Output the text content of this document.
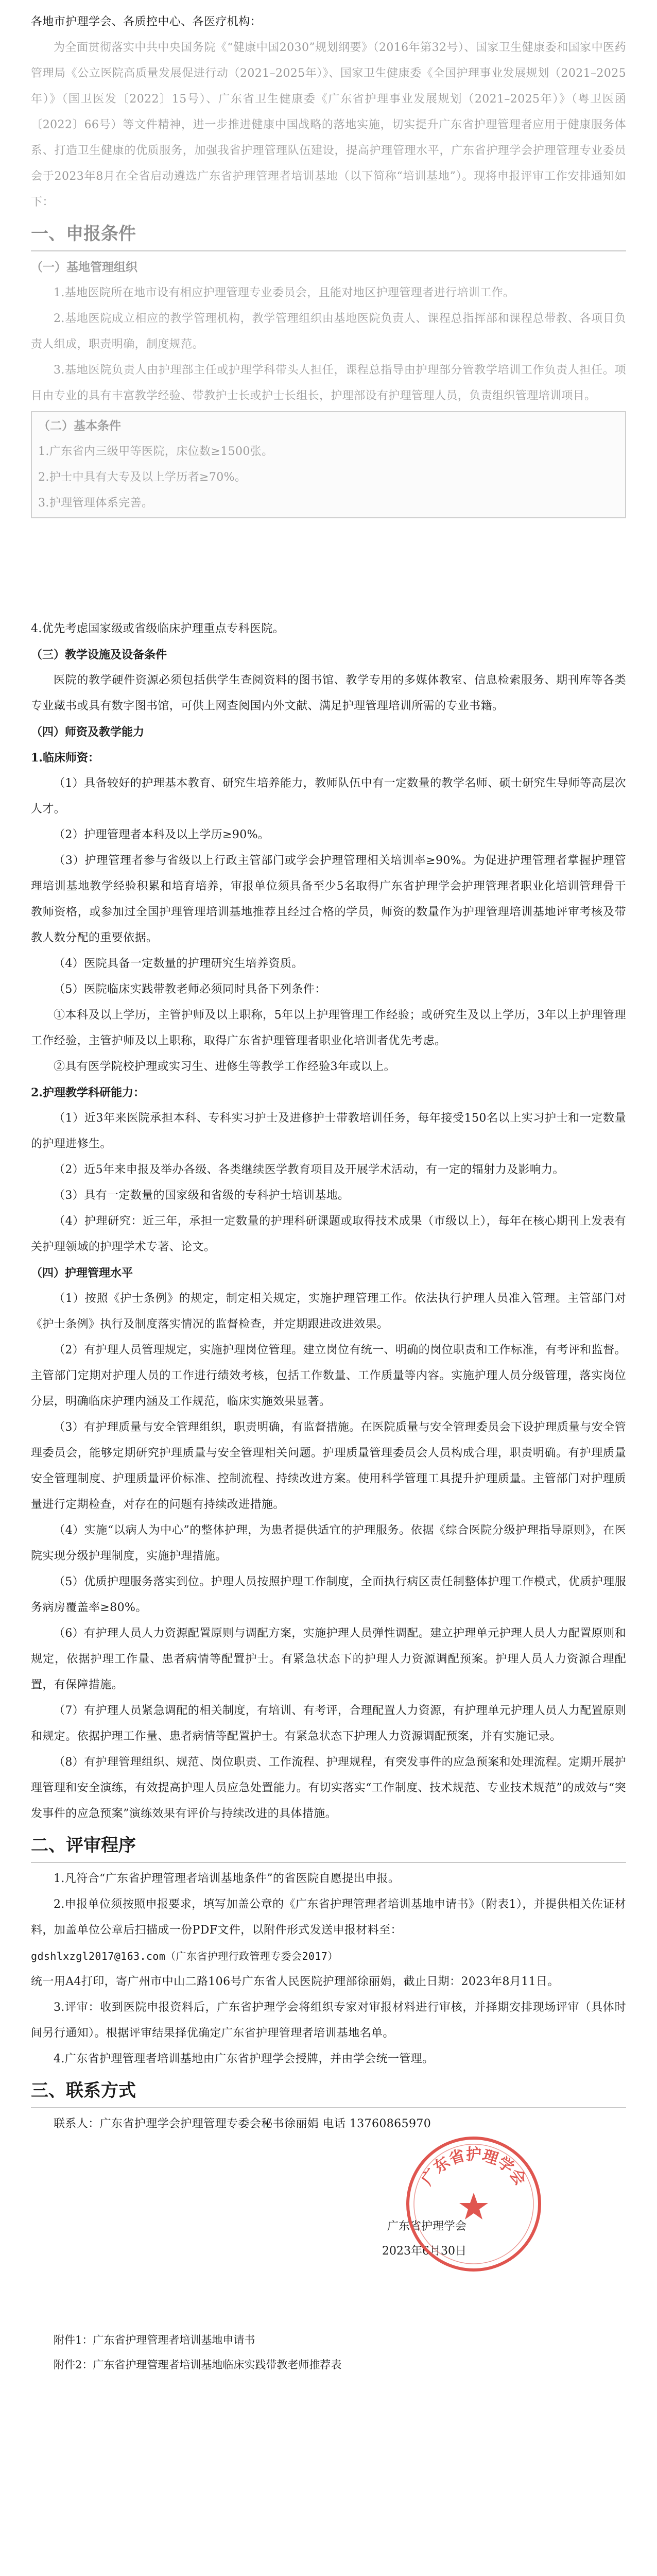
各地市护理学会、各质控中心、各医疗机构：

为全面贯彻落实中共中央国务院《“健康中国2030”规划纲要》（2016年第32号）、国家卫生健康委和国家中医药管理局《公立医院高质量发展促进行动（2021–2025年）》、国家卫生健康委《全国护理事业发展规划（2021–2025年）》（国卫医发〔2022〕15号）、广东省卫生健康委《广东省护理事业发展规划（2021–2025年）》（粤卫医函〔2022〕66号）等文件精神，进一步推进健康中国战略的落地实施，切实提升广东省护理管理者应用于健康服务体系、打造卫生健康的优质服务，加强我省护理管理队伍建设，提高护理管理水平，广东省护理学会护理管理专业委员会于2023年8月在全省启动遴选广东省护理管理者培训基地（以下简称“培训基地”）。现将申报评审工作安排通知如下：

一、申报条件
（一）基地管理组织

1.基地医院所在地市设有相应护理管理专业委员会，且能对地区护理管理者进行培训工作。

2.基地医院成立相应的教学管理机构，教学管理组织由基地医院负责人、课程总指挥部和课程总带教、各项目负责人组成，职责明确，制度规范。

3.基地医院负责人由护理部主任或护理学科带头人担任，课程总指导由护理部分管教学培训工作负责人担任。项目由专业的具有丰富教学经验、带教护士长或护士长组长，护理部设有护理管理人员，负责组织管理培训项目。

（二）基本条件

1.广东省内三级甲等医院，床位数≥1500张。

2.护士中具有大专及以上学历者≥70%。

3.护理管理体系完善。

4.优先考虑国家级或省级临床护理重点专科医院。

（三）教学设施及设备条件

医院的教学硬件资源必须包括供学生查阅资料的图书馆、教学专用的多媒体教室、信息检索服务、期刊库等各类专业藏书或具有数字图书馆，可供上网查阅国内外文献、满足护理管理培训所需的专业书籍。

（四）师资及教学能力
1.临床师资：

（1）具备较好的护理基本教育、研究生培养能力，教师队伍中有一定数量的教学名师、硕士研究生导师等高层次人才。

（2）护理管理者本科及以上学历≥90%。

（3）护理管理者参与省级以上行政主管部门或学会护理管理相关培训率≥90%。为促进护理管理者掌握护理管理培训基地教学经验积累和培育培养，审报单位须具备至少5名取得广东省护理学会护理管理者职业化培训管理骨干教师资格，或参加过全国护理管理培训基地推荐且经过合格的学员，师资的数量作为护理管理培训基地评审考核及带教人数分配的重要依据。

（4）医院具备一定数量的护理研究生培养资质。

（5）医院临床实践带教老师必须同时具备下列条件：

①本科及以上学历，主管护师及以上职称，5年以上护理管理工作经验；或研究生及以上学历，3年以上护理管理工作经验，主管护师及以上职称，取得广东省护理管理者职业化培训者优先考虑。

②具有医学院校护理或实习生、进修生等教学工作经验3年或以上。

2.护理教学科研能力：

（1）近3年来医院承担本科、专科实习护士及进修护士带教培训任务，每年接受150名以上实习护士和一定数量的护理进修生。

（2）近5年来申报及举办各级、各类继续医学教育项目及开展学术活动，有一定的辐射力及影响力。

（3）具有一定数量的国家级和省级的专科护士培训基地。

（4）护理研究：近三年，承担一定数量的护理科研课题或取得技术成果（市级以上），每年在核心期刊上发表有关护理领域的护理学术专著、论文。

（四）护理管理水平

（1）按照《护士条例》的规定，制定相关规定，实施护理管理工作。依法执行护理人员准入管理。主管部门对《护士条例》执行及制度落实情况的监督检查，并定期跟进改进效果。

（2）有护理人员管理规定，实施护理岗位管理。建立岗位有统一、明确的岗位职责和工作标准，有考评和监督。主管部门定期对护理人员的工作进行绩效考核，包括工作数量、工作质量等内容。实施护理人员分级管理，落实岗位分层，明确临床护理内涵及工作规范，临床实施效果显著。

（3）有护理质量与安全管理组织，职责明确，有监督措施。在医院质量与安全管理委员会下设护理质量与安全管理委员会，能够定期研究护理质量与安全管理相关问题。护理质量管理委员会人员构成合理，职责明确。有护理质量安全管理制度、护理质量评价标准、控制流程、持续改进方案。使用科学管理工具提升护理质量。主管部门对护理质量进行定期检查，对存在的问题有持续改进措施。

（4）实施“以病人为中心”的整体护理，为患者提供适宜的护理服务。依据《综合医院分级护理指导原则》，在医院实现分级护理制度，实施护理措施。

（5）优质护理服务落实到位。护理人员按照护理工作制度，全面执行病区责任制整体护理工作模式，优质护理服务病房覆盖率≥80%。

（6）有护理人员人力资源配置原则与调配方案，实施护理人员弹性调配。建立护理单元护理人员人力配置原则和规定，依据护理工作量、患者病情等配置护士。有紧急状态下的护理人力资源调配预案。护理人员人力资源合理配置，有保障措施。

（7）有护理人员紧急调配的相关制度，有培训、有考评，合理配置人力资源，有护理单元护理人员人力配置原则和规定。依据护理工作量、患者病情等配置护士。有紧急状态下护理人力资源调配预案，并有实施记录。

（8）有护理管理组织、规范、岗位职责、工作流程、护理规程，有突发事件的应急预案和处理流程。定期开展护理管理和安全演练，有效提高护理人员应急处置能力。有切实落实“工作制度、技术规范、专业技术规范”的成效与“突发事件的应急预案”演练效果有评价与持续改进的具体措施。

二、评审程序

1.凡符合“广东省护理管理者培训基地条件”的省医院自愿提出申报。

2.申报单位须按照申报要求，填写加盖公章的《广东省护理管理者培训基地申请书》（附表1），并提供相关佐证材料，加盖单位公章后扫描成一份PDF文件，以附件形式发送申报材料至：

gdshlxzgl2017@163.com（广东省护理行政管理专委会2017）

统一用A4打印，寄广州市中山二路106号广东省人民医院护理部徐丽娟，截止日期：2023年8月11日。

3.评审：收到医院申报资料后，广东省护理学会将组织专家对审报材料进行审核，并择期安排现场评审（具体时间另行通知）。根据评审结果择优确定广东省护理管理者培训基地名单。

4.广东省护理管理者培训基地由广东省护理学会授牌，并由学会统一管理。

三、联系方式

联系人：广东省护理学会护理管理专委会秘书徐丽娟 电话 13760865970

广东省护理学会
广东省护理学会
2023年6月30日

附件1：广东省护理管理者培训基地申请书

附件2：广东省护理管理者培训基地临床实践带教老师推荐表
